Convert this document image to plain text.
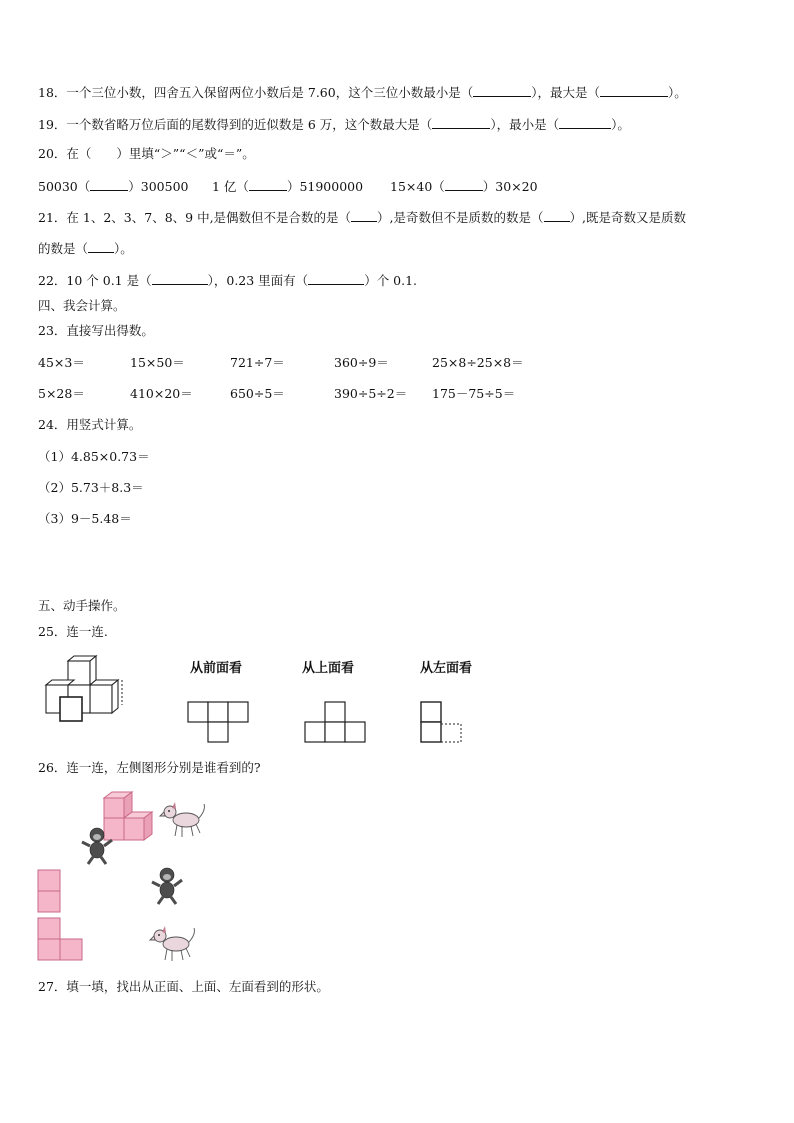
18．一个三位小数，四舍五入保留两位小数后是 7.60，这个三位小数最小是（	），最大是（	）。
19．一个数省略万位后面的尾数得到的近似数是 6 万，这个数最大是（	），最小是（	）。
20．在（　　）里填“＞”“＜”或“＝”。
50030（	）300500 1 亿（	）51900000 15×40（	）30×20
21．在 1、2、3、7、8、9 中,是偶数但不是合数的是（ ）,是奇数但不是质数的数是（ ）,既是奇数又是质数
的数是（ ）。
22．10 个 0.1 是（	），0.23 里面有（	）个 0.1.
四、我会计算。
23．直接写出得数。
45×3＝	15×50＝	721÷7＝	360÷9＝	25×8÷25×8＝
5×28＝	410×20＝	650÷5＝	390÷5÷2＝ 175－75÷5＝
24．用竖式计算。
（1）4.85×0.73＝
（2）5.73＋8.3＝
（3）9－5.48＝
五、动手操作。
25．连一连.
从前面看	从上面看	从左面看
26．连一连，左侧图形分别是谁看到的?
27．填一填，找出从正面、上面、左面看到的形状。
